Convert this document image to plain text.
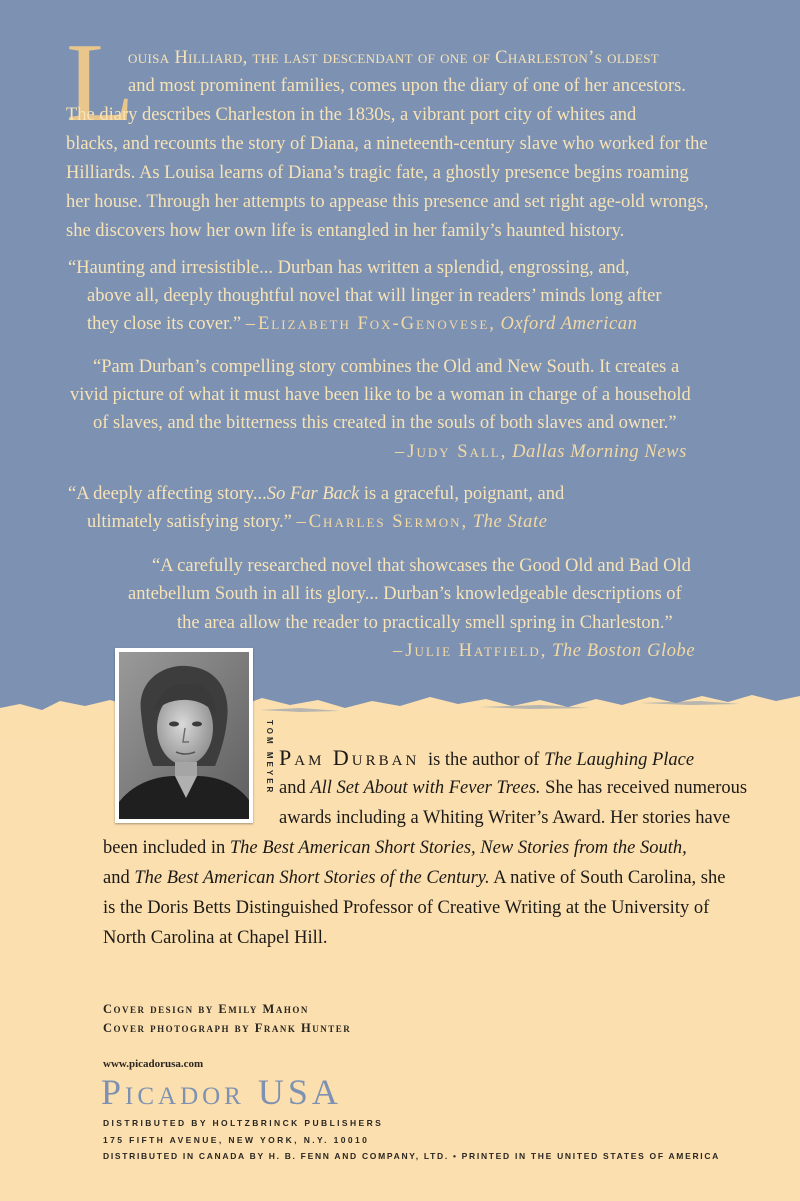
L
ouisa Hilliard, the last descendant of one of Charleston’s oldest
and most prominent families, comes upon the diary of one of her ancestors.
The diary describes Charleston in the 1830s, a vibrant port city of whites and
blacks, and recounts the story of Diana, a nineteenth-century slave who worked for the
Hilliards. As Louisa learns of Diana’s tragic fate, a ghostly presence begins roaming
her house. Through her attempts to appease this presence and set right age-old wrongs,
she discovers how her own life is entangled in her family’s haunted history.
“Haunting and irresistible... Durban has written a splendid, engrossing, and,
above all, deeply thoughtful novel that will linger in readers’ minds long after
they close its cover.” – Elizabeth Fox-Genovese, Oxford American
“Pam Durban’s compelling story combines the Old and New South. It creates a
vivid picture of what it must have been like to be a woman in charge of a household
of slaves, and the bitterness this created in the souls of both slaves and owner.”
– Judy Sall, Dallas Morning News
“A deeply affecting story...So Far Back is a graceful, poignant, and
ultimately satisfying story.” – Charles Sermon, The State
“A carefully researched novel that showcases the Good Old and Bad Old
antebellum South in all its glory... Durban’s knowledgeable descriptions of
the area allow the reader to practically smell spring in Charleston.”
– Julie Hatfield, The Boston Globe
TOM MEYER Pam Durban is the author of The Laughing Place
and All Set About with Fever Trees. She has received numerous
awards including a Whiting Writer’s Award. Her stories have
been included in The Best American Short Stories, New Stories from the South,
and The Best American Short Stories of the Century. A native of South Carolina, she
is the Doris Betts Distinguished Professor of Creative Writing at the University of
North Carolina at Chapel Hill.
Cover design by Emily Mahon
Cover photograph by Frank Hunter
www.picadorusa.com
Picador USA
DISTRIBUTED BY HOLTZBRINCK PUBLISHERS
175 FIFTH AVENUE, NEW YORK, N.Y. 10010
DISTRIBUTED IN CANADA BY H. B. FENN AND COMPANY, LTD. • PRINTED IN THE UNITED STATES OF AMERICA
